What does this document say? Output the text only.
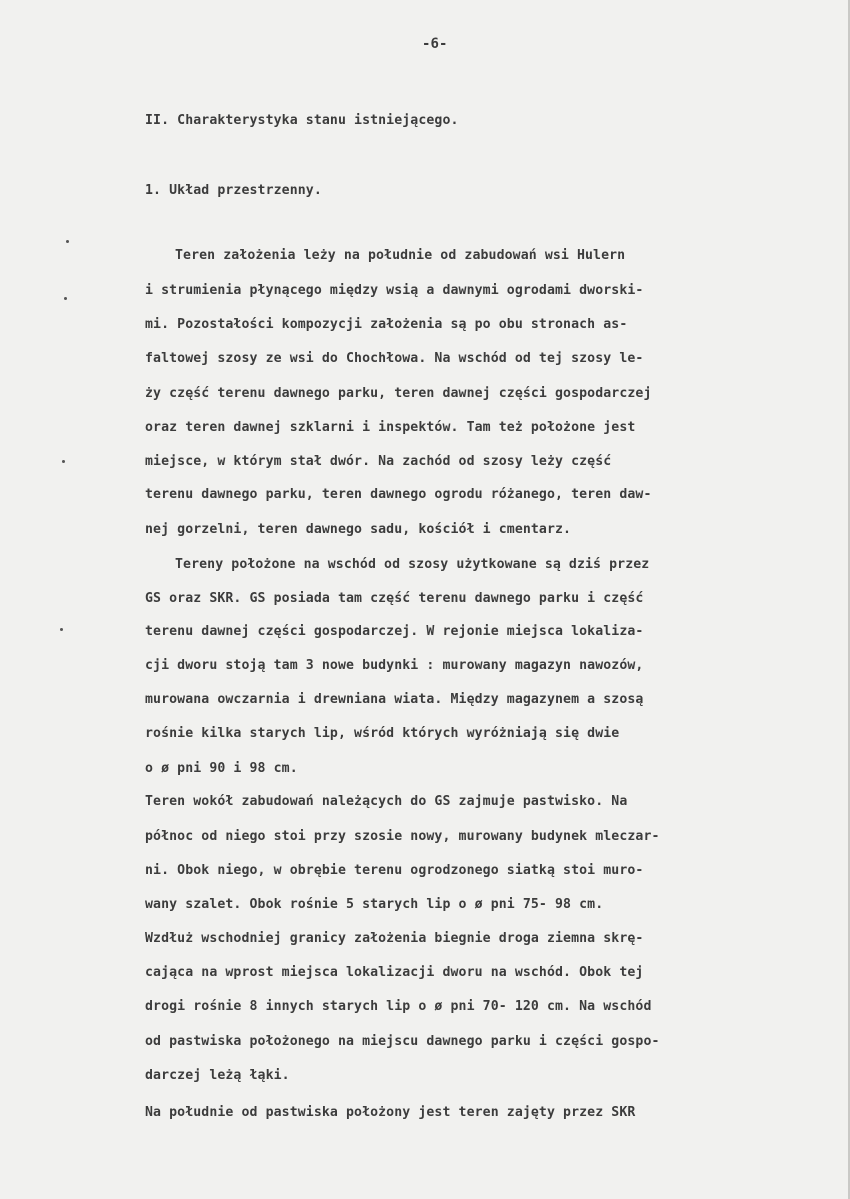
-6-
II. Charakterystyka stanu istniejącego.
1. Układ przestrzenny.
Teren założenia leży na południe od zabudowań wsi Hulern
i strumienia płynącego między wsią a dawnymi ogrodami dworski-
mi. Pozostałości kompozycji założenia są po obu stronach as-
faltowej szosy ze wsi do Chochłowa. Na wschód od tej szosy le-
ży część terenu dawnego parku, teren dawnej części gospodarczej
oraz teren dawnej szklarni i inspektów. Tam też położone jest
miejsce, w którym stał dwór. Na zachód od szosy leży część
terenu dawnego parku, teren dawnego ogrodu różanego, teren daw-
nej gorzelni, teren dawnego sadu, kościół i cmentarz.
Tereny położone na wschód od szosy użytkowane są dziś przez
GS oraz SKR. GS posiada tam część terenu dawnego parku i część
terenu dawnej części gospodarczej. W rejonie miejsca lokaliza-
cji dworu stoją tam 3 nowe budynki : murowany magazyn nawozów,
murowana owczarnia i drewniana wiata. Między magazynem a szosą
rośnie kilka starych lip, wśród których wyróżniają się dwie
o ø pni 90 i 98 cm.
Teren wokół zabudowań należących do GS zajmuje pastwisko. Na
północ od niego stoi przy szosie nowy, murowany budynek mleczar-
ni. Obok niego, w obrębie terenu ogrodzonego siatką stoi muro-
wany szalet. Obok rośnie 5 starych lip o ø pni 75- 98 cm.
Wzdłuż wschodniej granicy założenia biegnie droga ziemna skrę-
cająca na wprost miejsca lokalizacji dworu na wschód. Obok tej
drogi rośnie 8 innych starych lip o ø pni 70- 120 cm. Na wschód
od pastwiska położonego na miejscu dawnego parku i części gospo-
darczej leżą łąki.
Na południe od pastwiska położony jest teren zajęty przez SKR
